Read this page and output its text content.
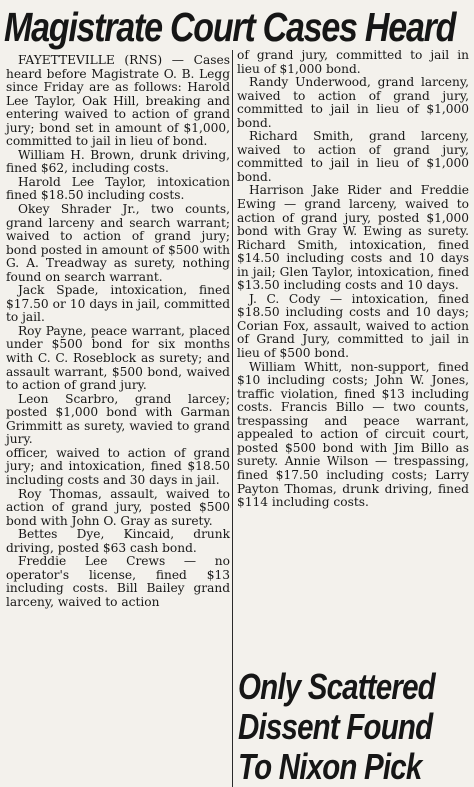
Magistrate Court Cases Heard

FAYETTEVILLE (RNS) — Cases heard before Magistrate O. B. Legg since Friday are as follows: Harold Lee Taylor, Oak Hill, breaking and entering waived to action of grand jury; bond set in amount of $1,000, committed to jail in lieu of bond.

William H. Brown, drunk driving, fined $62, including costs.

Harold Lee Taylor, intoxication fined $18.50 including costs.

Okey Shrader Jr., two counts, grand larceny and search warrant; waived to action of grand jury; bond posted in amount of $500 with G. A. Treadway as surety, nothing found on search warrant.

Jack Spade, intoxication, fined $17.50 or 10 days in jail, committed to jail.

Roy Payne, peace warrant, placed under $500 bond for six months with C. C. Roseblock as surety; and assault warrant, $500 bond, waived to action of grand jury.

Leon Scarbro, grand larcey; posted $1,000 bond with Garman Grimmitt as surety, wavied to grand jury.

officer, waived to action of grand jury; and intoxication, fined $18.50 including costs and 30 days in jail.

Roy Thomas, assault, waived to action of grand jury, posted $500 bond with John O. Gray as surety.

Bettes Dye, Kincaid, drunk driving, posted $63 cash bond.

Freddie Lee Crews — no operator's license, fined $13 including costs. Bill Bailey grand larceny, waived to action

of grand jury, committed to jail in lieu of $1,000 bond.

Randy Underwood, grand larceny, waived to action of grand jury, committed to jail in lieu of $1,000 bond.

Richard Smith, grand larceny, waived to action of grand jury, committed to jail in lieu of $1,000 bond.

Harrison Jake Rider and Freddie Ewing — grand larceny, waived to action of grand jury, posted $1,000 bond with Gray W. Ewing as surety. Richard Smith, intoxication, fined $14.50 including costs and 10 days in jail; Glen Taylor, intoxication, fined $13.50 including costs and 10 days.

J. C. Cody — intoxication, fined $18.50 including costs and 10 days; Corian Fox, assault, waived to action of Grand Jury, committed to jail in lieu of $500 bond.

William Whitt, non-support, fined $10 including costs; John W. Jones, traffic violation, fined $13 including costs. Francis Billo — two counts, trespassing and peace warrant, appealed to action of circuit court, posted $500 bond with Jim Billo as surety. Annie Wilson — trespassing, fined $17.50 including costs; Larry Payton Thomas, drunk driving, fined $114 including costs.

Only Scattered
Dissent Found
To Nixon Pick
